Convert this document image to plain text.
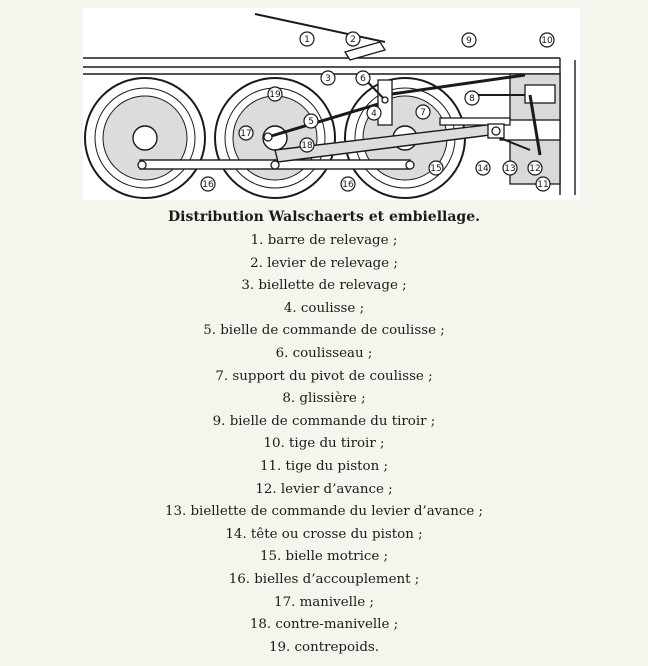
1	2
3
4
5
6
7
8
9	10
11
12
13
14
15
16	16
17
18
19
Distribution Walschaerts et embiellage.
1. barre de relevage ;
2. levier de relevage ;
3. biellette de relevage ;
4. coulisse ;
5. bielle de commande de coulisse ;
6. coulisseau ;
7. support du pivot de coulisse ;
8. glissière ;
9. bielle de commande du tiroir ;
10. tige du tiroir ;
11. tige du piston ;
12. levier d’avance ;
13. biellette de commande du levier d’avance ;
14. tête ou crosse du piston ;
15. bielle motrice ;
16. bielles d’accouplement ;
17. manivelle ;
18. contre-manivelle ;
19. contrepoids.
